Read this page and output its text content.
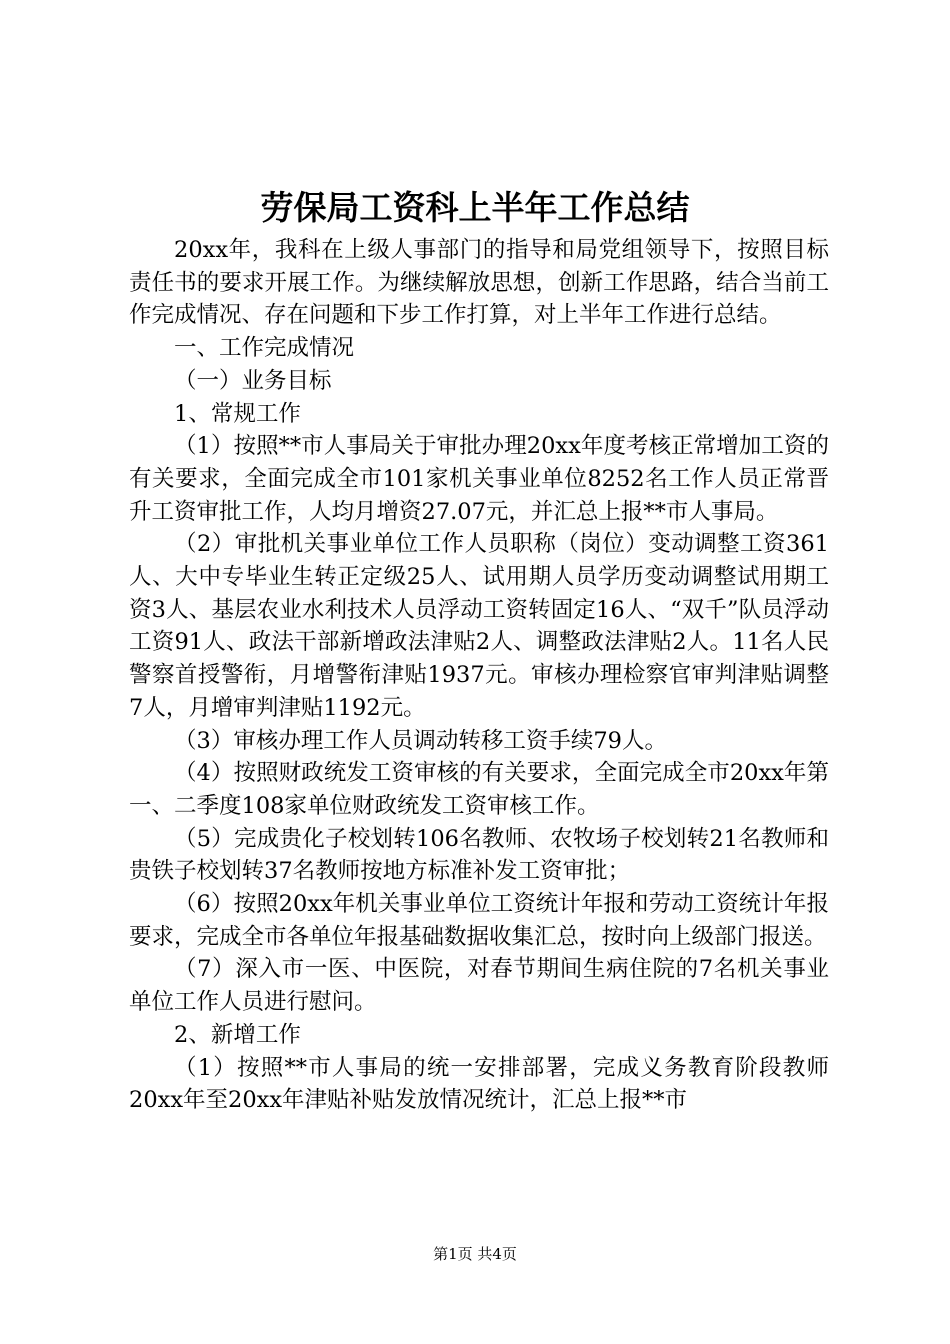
劳保局工资科上半年工作总结

20xx年，我科在上级人事部门的指导和局党组领导下，按照目标责任书的要求开展工作。为继续解放思想，创新工作思路，结合当前工作完成情况、存在问题和下步工作打算，对上半年工作进行总结。

一、工作完成情况

（一）业务目标

1、常规工作

（1）按照**市人事局关于审批办理20xx年度考核正常增加工资的有关要求，全面完成全市101家机关事业单位8252名工作人员正常晋升工资审批工作，人均月增资27.07元，并汇总上报**市人事局。

（2）审批机关事业单位工作人员职称（岗位）变动调整工资361人、大中专毕业生转正定级25人、试用期人员学历变动调整试用期工资3人、基层农业水利技术人员浮动工资转固定16人、“双千”队员浮动工资91人、政法干部新增政法津贴2人、调整政法津贴2人。11名人民警察首授警衔，月增警衔津贴1937元。审核办理检察官审判津贴调整7人，月增审判津贴1192元。

（3）审核办理工作人员调动转移工资手续79人。

（4）按照财政统发工资审核的有关要求，全面完成全市20xx年第一、二季度108家单位财政统发工资审核工作。

（5）完成贵化子校划转106名教师、农牧场子校划转21名教师和贵铁子校划转37名教师按地方标准补发工资审批；

（6）按照20xx年机关事业单位工资统计年报和劳动工资统计年报要求，完成全市各单位年报基础数据收集汇总，按时向上级部门报送。

（7）深入市一医、中医院，对春节期间生病住院的7名机关事业单位工作人员进行慰问。

2、新增工作

（1）按照**市人事局的统一安排部署，完成义务教育阶段教师20xx年至20xx年津贴补贴发放情况统计，汇总上报**市

第1页 共4页
